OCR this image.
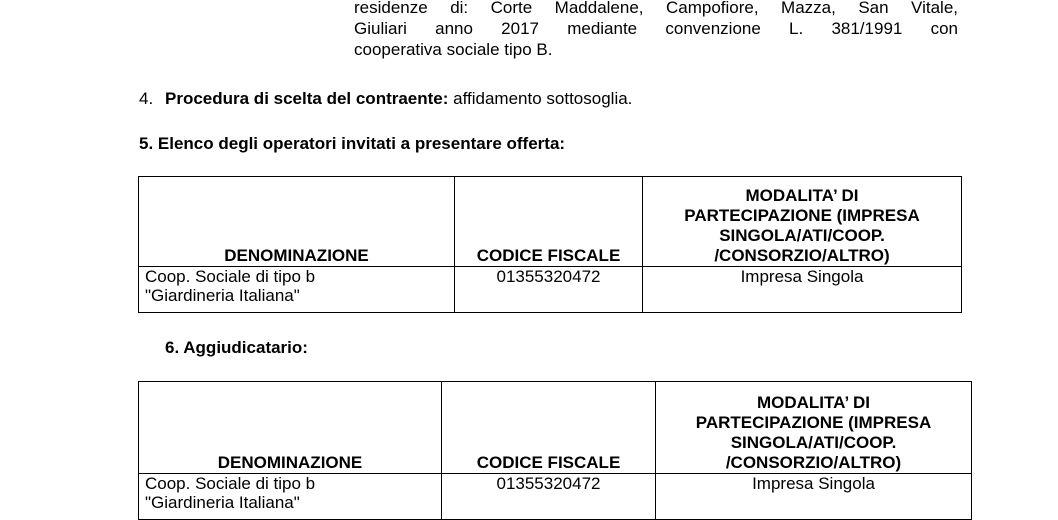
residenze di: Corte Maddalene, Campofiore, Mazza, San Vitale,
Giuliari anno 2017 mediante convenzione L. 381/1991 con
cooperativa sociale tipo B.
4. Procedura di scelta del contraente: affidamento sottosoglia.
5. Elenco degli operatori invitati a presentare offerta:
DENOMINAZIONE	CODICE FISCALE	MODALITA’ DI
PARTECIPAZIONE (IMPRESA
SINGOLA/ATI/COOP.
/CONSORZIO/ALTRO)

Coop. Sociale di tipo b
"Giardineria Italiana"	01355320472	Impresa Singola
6. Aggiudicatario:
DENOMINAZIONE	CODICE FISCALE	MODALITA’ DI
PARTECIPAZIONE (IMPRESA
SINGOLA/ATI/COOP.
/CONSORZIO/ALTRO)

Coop. Sociale di tipo b
"Giardineria Italiana"	01355320472	Impresa Singola
